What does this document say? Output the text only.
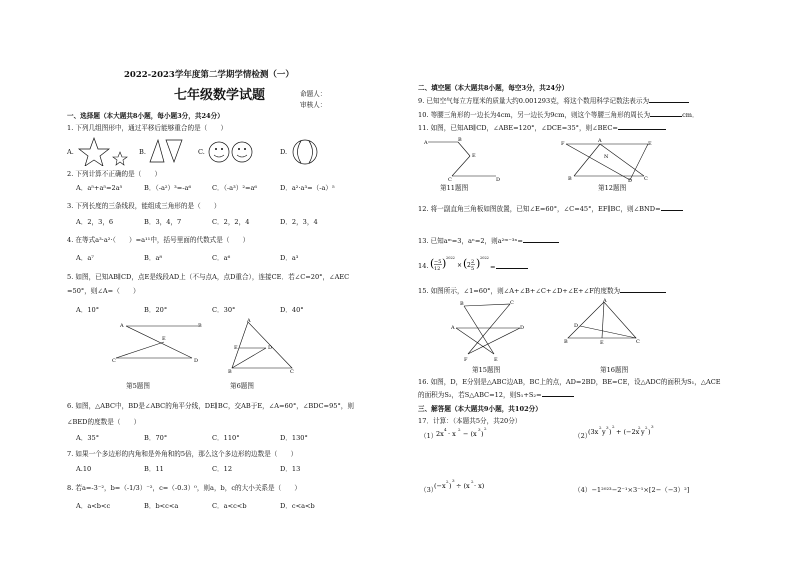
2022-2023学年度第二学期学情检测（一）
七年级数学试题	命题人：
审核人：
一、选择题（本大题共8小题，每小题3分，共24分）
1. 下列几组图形中，通过平移后能够重合的是（　　）
A.	B.	C.	D.
2. 下列计算不正确的是（　　）
A．a⁵+a⁵=2a⁵	B．（-a²）³=-a⁶	C．（-a³）²=a⁶	D．a²·a³=（-a）⁵
3. 下列长度的三条线段，能组成三角形的是（　　）
A．2，3，6	B．3，4，7	C．2，2，4	D．2，3，4
4. 在等式a³·a²·（　　）=a¹¹中，括号里面的代数式是（　　）
A．a⁷	B．a⁸	C．a⁶	D．a³
5. 如图，已知AB∥CD，点E是线段AD上（不与点A，点D重合），连接CE．若∠C=20°，∠AEC
=50°，则∠A=（　　）
A．10°	B．20°	C．30°	D．40°
A	B
C	D
E
第5题图
A
E	D
B	C
第6题图
6. 如图，△ABC中，BD是∠ABC的角平分线，DE∥BC，交AB于E，∠A=60°，∠BDC=95°，则
∠BED的度数是（　　）
A．35°	B．70°	C．110°	D．130°
7. 如果一个多边形的内角和是外角和的5倍，那么这个多边形的边数是（　　）
A.10	B．11	C．12	D．13
8. 若a=-3⁻²，b=（-1/3）⁻²，c=（-0.3）⁰，则a，b，c的大小关系是（　　）
A．a<b<c	B．b<c<a	C．a<c<b	D．c<a<b
二、填空题（本大题共8小题，每空3分，共24分）
9. 已知空气每立方厘米的质量大约0.001293克，将这个数用科学记数法表示为
10. 等腰三角形的一边长为4cm，另一边长为9cm，则这个等腰三角形的周长为	cm．
11. 如图，已知AB∥CD，∠ABE=120°，∠DCE=35°，则∠BEC=
A	B
E
C	D
第11题图
F	E
A
B	C
D
N
第12题图
12. 将一副直角三角板如图放置，已知∠E=60°，∠C=45°，EF∥BC，则∠BND=
13. 已知aᵐ=3，aⁿ=2，则a²ᵐ⁻³ⁿ=
14. ( −5
12 ) 2022
× ( 2 2
5 ) 2022
=
15. 如图所示，∠1=60°，则∠A+∠B+∠C+∠D+∠E+∠F的度数为
B	C
A	D
F	E
第15题图
A
D
B	E	C
第16题图
16. 如图，D，E分别是△ABC边AB，BC上的点，AD=2BD，BE=CE，设△ADC的面积为S₁，△ACE
的面积为S₂，若S△ABC=12，则S₁+S₂=
三、解答题（本大题共9小题，共102分）
17．计算：（本题共5分，共20分）
（1）
2x
4
· x
2
− (x
3
)
2
（2）
(3x
2
y
3
)
2
+ (−2x
2
y
2
)
3
（3）
(−x
2
)
3
÷ (x
2
· x)	（4）−1²⁰²³−2⁻¹×3⁻¹×[2−（−3）²]
